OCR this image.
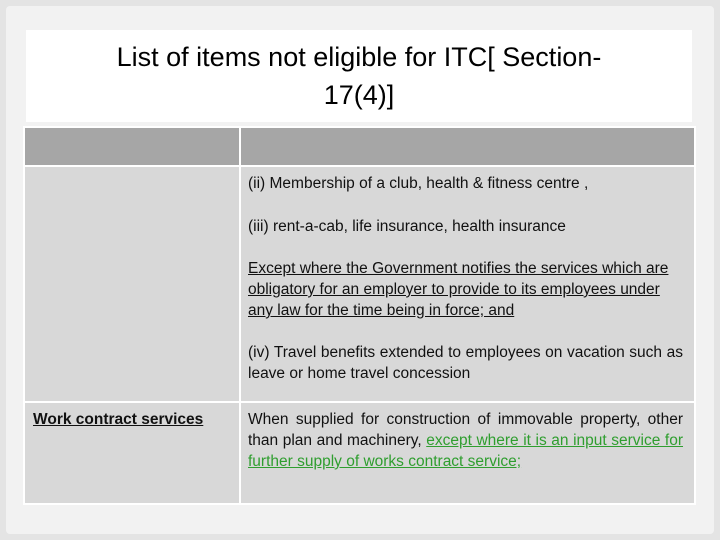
List of items not eligible for ITC[ Section-
17(4)]

	(ii) Membership of a club, health & fitness centre ,

(iii) rent-a-cab, life insurance, health insurance

Except where the Government notifies the services which are obligatory for an employer to provide to its employees under any law for the time being in force; and

(iv) Travel benefits extended to employees on vacation such as leave or home travel concession

Work contract services	When supplied for construction of immovable property, other than plan and machinery, except where it is an input service for further supply of works contract service;
